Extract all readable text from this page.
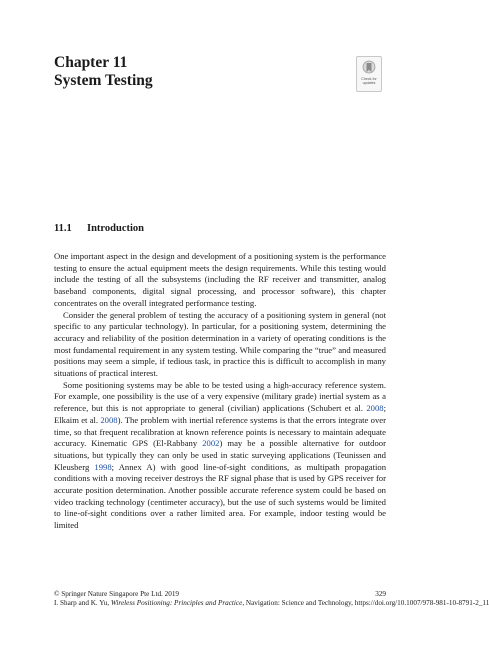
Chapter 11
System Testing	Check for
updates
11.1 Introduction

One important aspect in the design and development of a positioning system is the performance testing to ensure the actual equipment meets the design requirements. While this testing would include the testing of all the subsystems (including the RF receiver and transmitter, analog baseband components, digital signal processing, and processor software), this chapter concentrates on the overall integrated performance testing.

Consider the general problem of testing the accuracy of a positioning system in general (not specific to any particular technology). In particular, for a positioning system, determining the accuracy and reliability of the position determination in a variety of operating conditions is the most fundamental requirement in any system testing. While comparing the “true” and measured positions may seem a simple, if tedious task, in practice this is difficult to accomplish in many situations of practical interest.

Some positioning systems may be able to be tested using a high-accuracy reference system. For example, one possibility is the use of a very expensive (military grade) inertial system as a reference, but this is not appropriate to general (civilian) applications (Schubert et al. 2008; Elkaim et al. 2008). The problem with inertial reference systems is that the errors integrate over time, so that frequent recalibration at known reference points is necessary to maintain adequate accuracy. Kinematic GPS (El-Rabbany 2002) may be a possible alternative for outdoor situations, but typically they can only be used in static surveying applications (Teunissen and Kleusberg 1998; Annex A) with good line-of-sight conditions, as multipath propagation conditions with a moving receiver destroys the RF signal phase that is used by GPS receiver for accurate position determination. Another possible accurate reference system could be based on video tracking technology (centimeter accuracy), but the use of such systems would be limited to line-of-sight conditions over a rather limited area. For example, indoor testing would be limited

© Springer Nature Singapore Pte Ltd. 2019	329
I. Sharp and K. Yu, Wireless Positioning: Principles and Practice, Navigation: Science and Technology, https://doi.org/10.1007/978-981-10-8791-2_11
